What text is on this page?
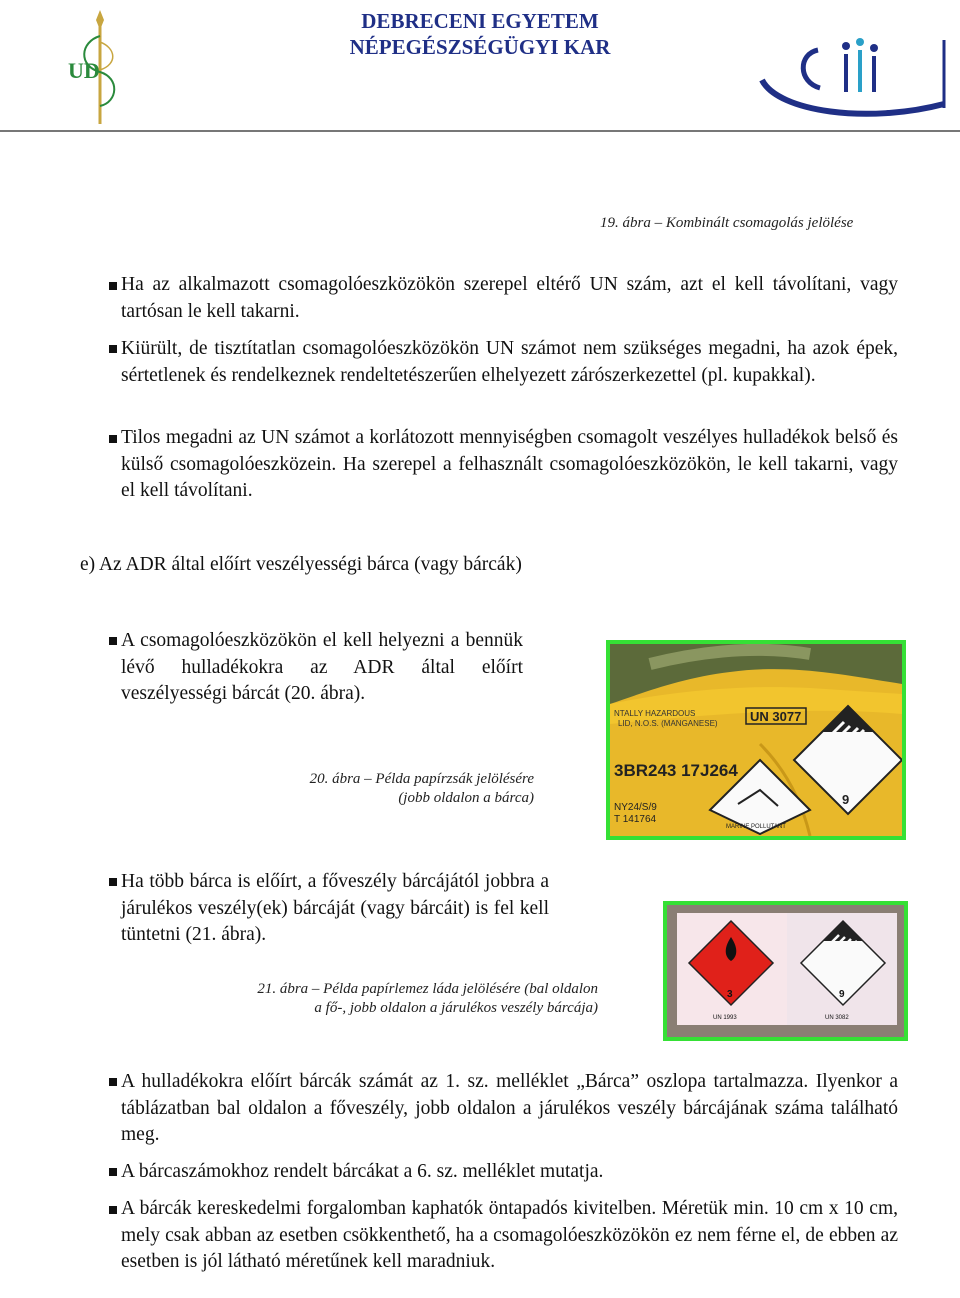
UD
DEBRECENI EGYETEM
NÉPEGÉSZSÉGÜGYI KAR
19. ábra – Kombinált csomagolás jelölése
Ha az alkalmazott csomagolóeszközökön szerepel eltérő UN szám, azt el kell távolítani, vagy tartósan le kell takarni.
Kiürült, de tisztítatlan csomagolóeszközökön UN számot nem szükséges megadni, ha azok épek, sértetlenek és rendelkeznek rendeltetészerűen elhelyezett zárószerkezettel (pl. kupakkal).
Tilos megadni az UN számot a korlátozott mennyiségben csomagolt veszélyes hulladékok belső és külső csomagolóeszközein. Ha szerepel a felhasznált csomagolóeszközökön, le kell takarni, vagy el kell távolítani.
e) Az ADR által előírt veszélyességi bárca (vagy bárcák)
A csomagolóeszközökön el kell helyezni a bennük lévő hulladékokra az ADR által előírt veszélyességi bárcát (20. ábra).
NTALLY HAZARDOUS
LID, N.O.S. (MANGANESE) UN 3077
3BR243 17J264
NY24/S/9
T 141764
MARINE POLLUTANT
9
20. ábra – Példa papírzsák jelölésére
(jobb oldalon a bárca)
Ha több bárca is előírt, a főveszély bárcájától jobbra a járulékos veszély(ek) bárcáját (vagy bárcáit) is fel kell tüntetni (21. ábra).
3
UN 1993
9
UN 3082
21. ábra – Példa papírlemez láda jelölésére (bal oldalon
a fő-, jobb oldalon a járulékos veszély bárcája)
A hulladékokra előírt bárcák számát az 1. sz. melléklet „Bárca” oszlopa tartalmazza. Ilyenkor a táblázatban bal oldalon a főveszély, jobb oldalon a járulékos veszély bárcájának száma található meg.
A bárcaszámokhoz rendelt bárcákat a 6. sz. melléklet mutatja.
A bárcák kereskedelmi forgalomban kaphatók öntapadós kivitelben. Méretük min. 10 cm x 10 cm, mely csak abban az esetben csökkenthető, ha a csomagolóeszközökön ez nem férne el, de ebben az esetben is jól látható méretűnek kell maradniuk.
